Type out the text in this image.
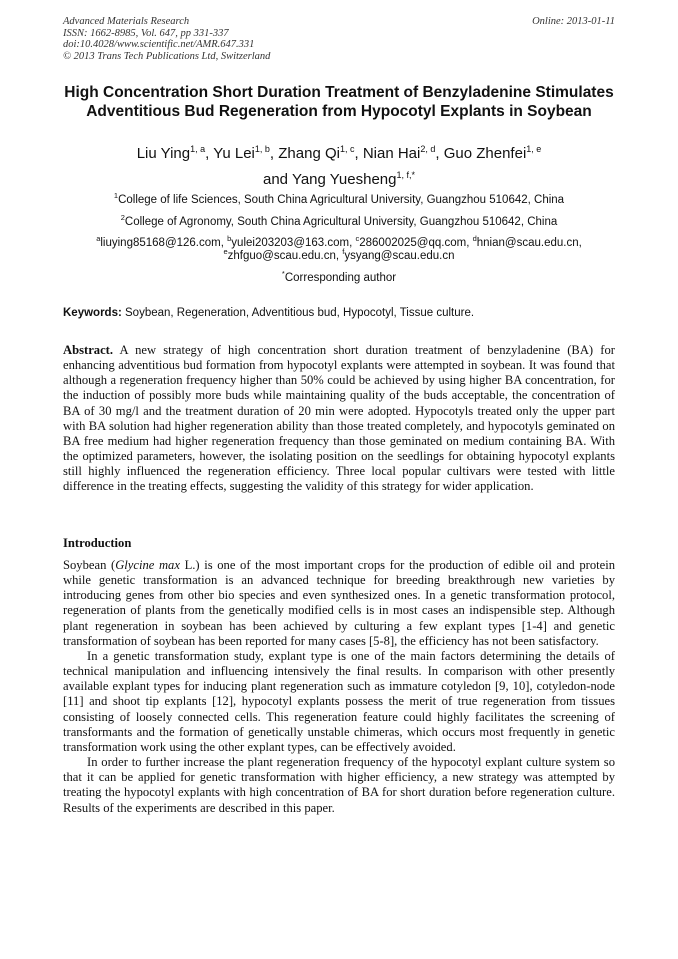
Advanced Materials Research
ISSN: 1662-8985, Vol. 647, pp 331-337
doi:10.4028/www.scientific.net/AMR.647.331
© 2013 Trans Tech Publications Ltd, Switzerland
Online: 2013-01-11
High Concentration Short Duration Treatment of Benzyladenine Stimulates Adventitious Bud Regeneration from Hypocotyl Explants in Soybean
Liu Ying$^{1, a}$, Yu Lei$^{1, b}$, Zhang Qi$^{1, c}$, Nian Hai$^{2, d}$, Guo Zhenfei$^{1, e}$
and Yang Yuesheng$^{1, f,*}$
$^1$College of life Sciences, South China Agricultural University, Guangzhou 510642, China
$^2$College of Agronomy, South China Agricultural University, Guangzhou 510642, China
$^a$liuying85168@126.com, $^b$yulei203203@163.com, $^c$286002025@qq.com, $^d$hnian@scau.edu.cn,
$^e$zhfguo@scau.edu.cn, $^f$ysyang@scau.edu.cn
*Corresponding author
Keywords: Soybean, Regeneration, Adventitious bud, Hypocotyl, Tissue culture.

Abstract. A new strategy of high concentration short duration treatment of benzyladenine (BA) for enhancing adventitious bud formation from hypocotyl explants were attempted in soybean. It was found that although a regeneration frequency higher than 50% could be achieved by using higher BA concentration, for the induction of possibly more buds while maintaining quality of the buds acceptable, the concentration of BA of 30 mg/l and the treatment duration of 20 min were adopted. Hypocotyls treated only the upper part with BA solution had higher regeneration ability than those treated completely, and hypocotyls geminated on BA free medium had higher regeneration frequency than those geminated on medium containing BA. With the optimized parameters, however, the isolating position on the seedlings for obtaining hypocotyl explants still highly influenced the regeneration efficiency. Three local popular cultivars were tested with little difference in the treating effects, suggesting the validity of this strategy for wider application.

Introduction

Soybean (Glycine max L.) is one of the most important crops for the production of edible oil and protein while genetic transformation is an advanced technique for breeding breakthrough new varieties by introducing genes from other bio species and even synthesized ones. In a genetic transformation protocol, regeneration of plants from the genetically modified cells is in most cases an indispensible step. Although plant regeneration in soybean has been achieved by culturing a few explant types [1-4] and genetic transformation of soybean has been reported for many cases [5-8], the efficiency has not been satisfactory.

In a genetic transformation study, explant type is one of the main factors determining the details of technical manipulation and influencing intensively the final results. In comparison with other presently available explant types for inducing plant regeneration such as immature cotyledon [9, 10], cotyledon-node [11] and shoot tip explants [12], hypocotyl explants possess the merit of true regeneration from tissues consisting of loosely connected cells. This regeneration feature could highly facilitates the screening of transformants and the formation of genetically unstable chimeras, which occurs most frequently in genetic transformation work using the other explant types, can be effectively avoided.

In order to further increase the plant regeneration frequency of the hypocotyl explant culture system so that it can be applied for genetic transformation with higher efficiency, a new strategy was attempted by treating the hypocotyl explants with high concentration of BA for short duration before regeneration culture. Results of the experiments are described in this paper.
